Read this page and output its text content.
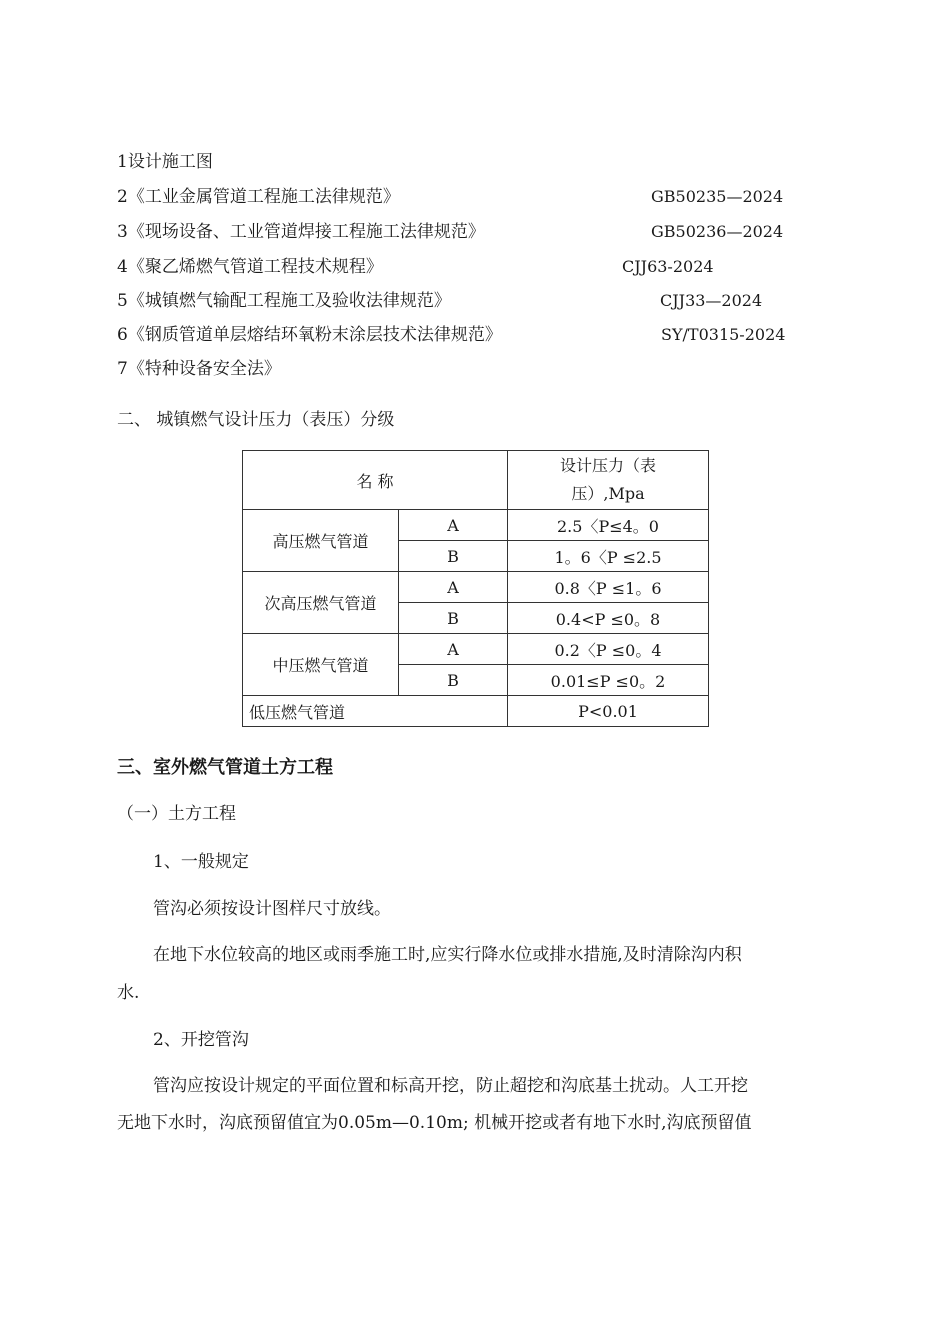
1设计施工图
2《工业金属管道工程施工法律规范》	GB50235—2024
3《现场设备、工业管道焊接工程施工法律规范》	GB50236—2024
4《聚乙烯燃气管道工程技术规程》	CJJ63-2024
5《城镇燃气输配工程施工及验收法律规范》	CJJ33—2024
6《钢质管道单层熔结环氧粉末涂层技术法律规范》	SY/T0315-2024
7《特种设备安全法》
二、 城镇燃气设计压力（表压）分级
名 称		设计压力（表
压）,Mpa

高压燃气管道	A	2.5〈P≤4。0
	B	1。6〈P ≤2.5
次高压燃气管道	A	0.8〈P ≤1。6
	B	0.4<P ≤0。8
中压燃气管道	A	0.2〈P ≤0。4
	B	0.01≤P ≤0。2
低压燃气管道		P<0.01
三、室外燃气管道土方工程
（一）土方工程
1、一般规定
管沟必须按设计图样尺寸放线。
在地下水位较高的地区或雨季施工时,应实行降水位或排水措施,及时清除沟内积
水.
2、开挖管沟
管沟应按设计规定的平面位置和标高开挖，防止超挖和沟底基土扰动。人工开挖
无地下水时，沟底预留值宜为0.05m—0.10m; 机械开挖或者有地下水时,沟底预留值
